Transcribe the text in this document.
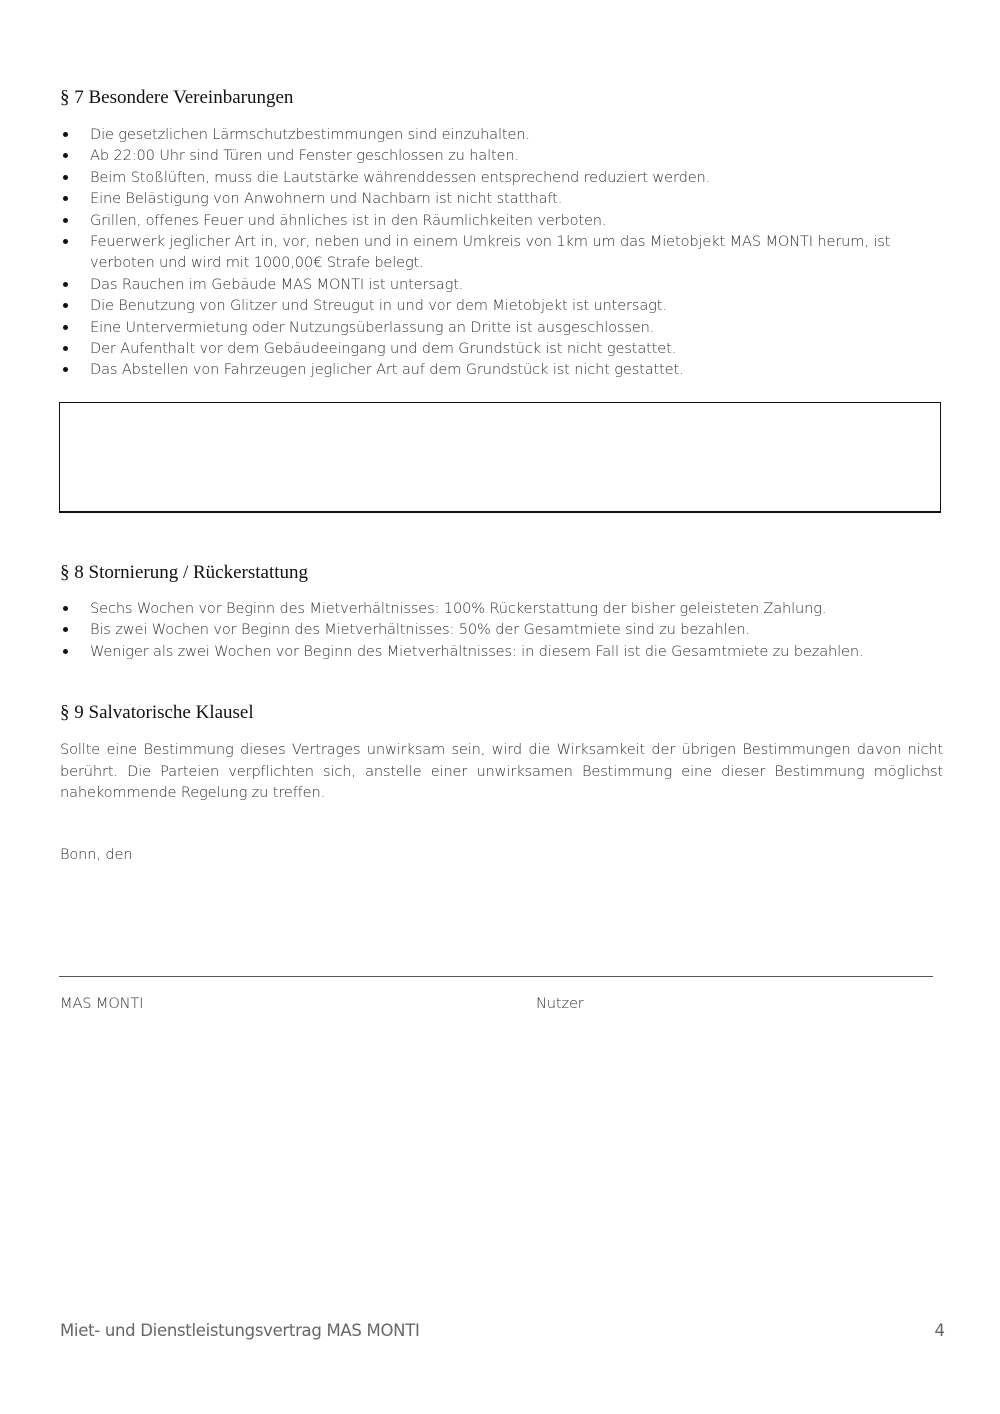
§ 7 Besondere Vereinbarungen
Die gesetzlichen Lärmschutzbestimmungen sind einzuhalten.
Ab 22:00 Uhr sind Türen und Fenster geschlossen zu halten.
Beim Stoßlüften, muss die Lautstärke währenddessen entsprechend reduziert werden.
Eine Belästigung von Anwohnern und Nachbarn ist nicht statthaft.
Grillen, offenes Feuer und ähnliches ist in den Räumlichkeiten verboten.
Feuerwerk jeglicher Art in, vor, neben und in einem Umkreis von 1km um das Mietobjekt MAS MONTI herum, ist verboten und wird mit 1000,00€ Strafe belegt.
Das Rauchen im Gebäude MAS MONTI ist untersagt.
Die Benutzung von Glitzer und Streugut in und vor dem Mietobjekt ist untersagt.
Eine Untervermietung oder Nutzungsüberlassung an Dritte ist ausgeschlossen.
Der Aufenthalt vor dem Gebäudeeingang und dem Grundstück ist nicht gestattet.
Das Abstellen von Fahrzeugen jeglicher Art auf dem Grundstück ist nicht gestattet.
§ 8 Stornierung / Rückerstattung
Sechs Wochen vor Beginn des Mietverhältnisses: 100% Rückerstattung der bisher geleisteten Zahlung.
Bis zwei Wochen vor Beginn des Mietverhältnisses: 50% der Gesamtmiete sind zu bezahlen.
Weniger als zwei Wochen vor Beginn des Mietverhältnisses: in diesem Fall ist die Gesamtmiete zu bezahlen.
§ 9 Salvatorische Klausel

Sollte eine Bestimmung dieses Vertrages unwirksam sein, wird die Wirksamkeit der übrigen Bestimmungen davon nicht berührt. Die Parteien verpflichten sich, anstelle einer unwirksamen Bestimmung eine dieser Bestimmung möglichst nahekommende Regelung zu treffen.

Bonn, den

MAS MONTI	Nutzer
Miet- und Dienstleistungsvertrag MAS MONTI	4
